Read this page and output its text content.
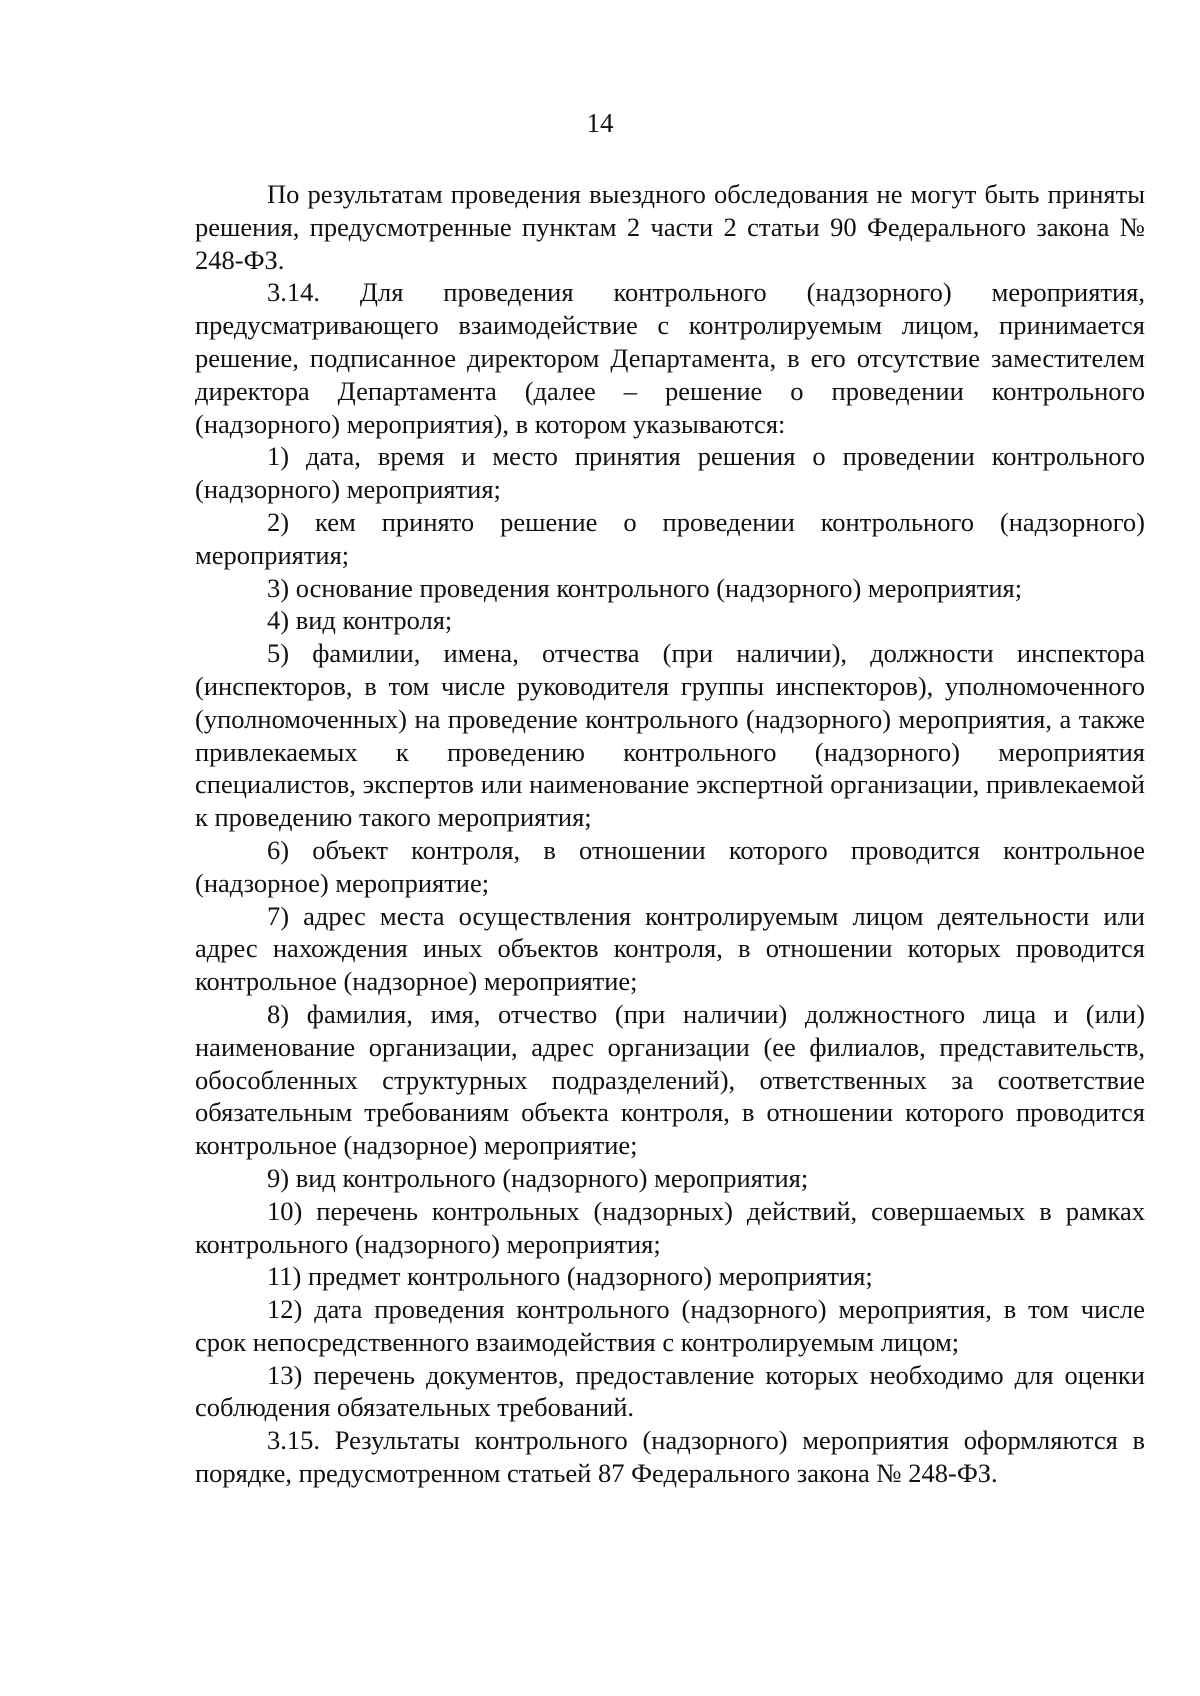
14

По результатам проведения выездного обследования не могут быть приняты решения, предусмотренные пунктам 2 части 2 статьи 90 Федерального закона № 248-ФЗ.

3.14. Для проведения контрольного (надзорного) мероприятия, предусматривающего взаимодействие с контролируемым лицом, принимается решение, подписанное директором Департамента, в его отсутствие заместителем директора Департамента (далее – решение о проведении контрольного (надзорного) мероприятия), в котором указываются:

1) дата, время и место принятия решения о проведении контрольного (надзорного) мероприятия;

2) кем принято решение о проведении контрольного (надзорного) мероприятия;

3) основание проведения контрольного (надзорного) мероприятия;

4) вид контроля;

5) фамилии, имена, отчества (при наличии), должности инспектора (инспекторов, в том числе руководителя группы инспекторов), уполномоченного (уполномоченных) на проведение контрольного (надзорного) мероприятия, а также привлекаемых к проведению контрольного (надзорного) мероприятия специалистов, экспертов или наименование экспертной организации, привлекаемой к проведению такого мероприятия;

6) объект контроля, в отношении которого проводится контрольное (надзорное) мероприятие;

7) адрес места осуществления контролируемым лицом деятельности или адрес нахождения иных объектов контроля, в отношении которых проводится контрольное (надзорное) мероприятие;

8) фамилия, имя, отчество (при наличии) должностного лица и (или) наименование организации, адрес организации (ее филиалов, представительств, обособленных структурных подразделений), ответственных за соответствие обязательным требованиям объекта контроля, в отношении которого проводится контрольное (надзорное) мероприятие;

9) вид контрольного (надзорного) мероприятия;

10) перечень контрольных (надзорных) действий, совершаемых в рамках контрольного (надзорного) мероприятия;

11) предмет контрольного (надзорного) мероприятия;

12) дата проведения контрольного (надзорного) мероприятия, в том числе срок непосредственного взаимодействия с контролируемым лицом;

13) перечень документов, предоставление которых необходимо для оценки соблюдения обязательных требований.

3.15. Результаты контрольного (надзорного) мероприятия оформляются в порядке, предусмотренном статьей 87 Федерального закона № 248-ФЗ.
